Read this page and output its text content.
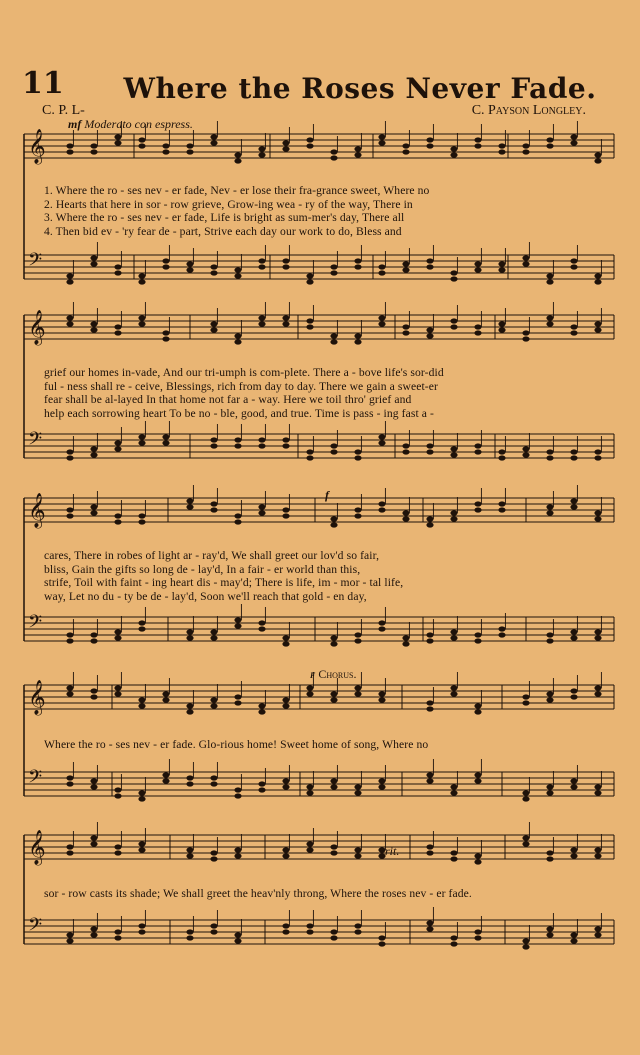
11 Where the Roses Never Fade.
C. P. L-	C. Payson Longley.
mf Moderato con espress.
𝄞
𝄢
𝄞
𝄢
𝄞
𝄢
𝄞
𝄢
𝄞
𝄢
1. Where the ro - ses nev - er fade, Nev - er lose their fra-grance sweet, Where no
2. Hearts that here in sor - row grieve, Grow-ing wea - ry of the way, There in
3. Where the ro - ses nev - er fade, Life is bright as sum-mer's day, There all
4. Then bid ev - 'ry fear de - part, Strive each day our work to do, Bless and
grief our homes in-vade, And our tri-umph is com-plete. There a - bove life's sor-did
ful - ness shall re - ceive, Blessings, rich from day to day. There we gain a sweet-er
fear shall be al-layed In that home not far a - way. Here we toil thro' grief and
help each sorrowing heart To be no - ble, good, and true. Time is pass - ing fast a -
cares, There in robes of light ar - ray'd, We shall greet our lov'd so fair,
bliss, Gain the gifts so long de - lay'd, In a fair - er world than this,
strife, Toil with faint - ing heart dis - may'd; There is life, im - mor - tal life,
way, Let no du - ty be de - lay'd, Soon we'll reach that gold - en day,
Where the ro - ses nev - er fade. Glo-rious home! Sweet home of song, Where no
sor - row casts its shade; We shall greet the heav'nly throng, Where the roses nev - er fade.
f
f Chorus.
rit.
